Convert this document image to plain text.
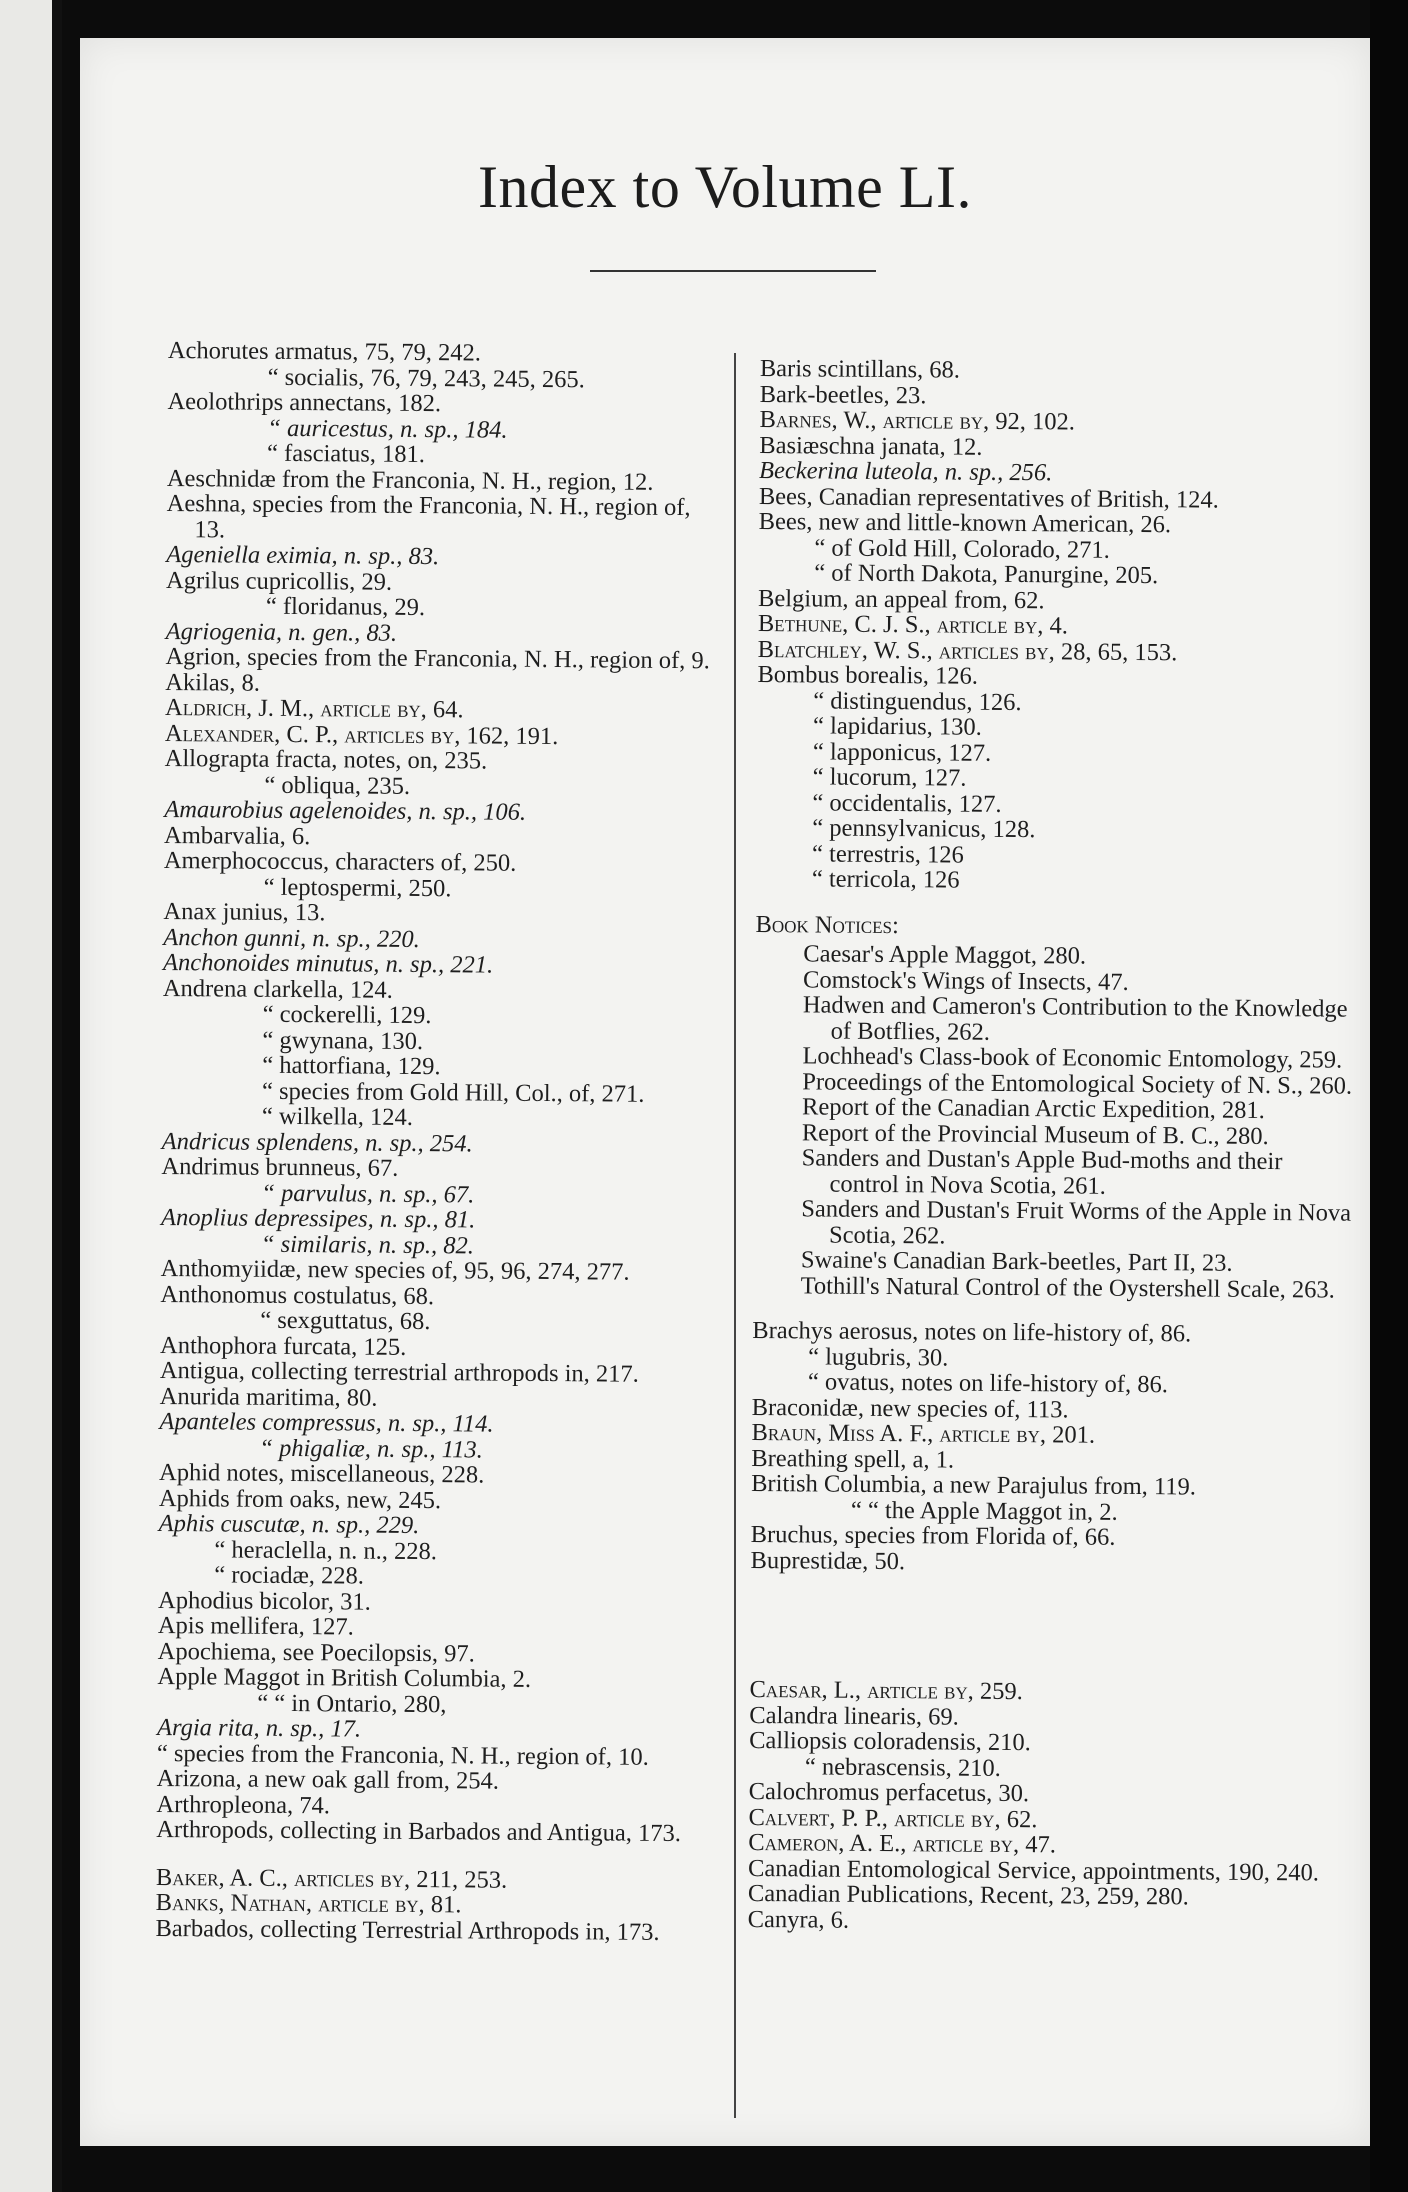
Index to Volume LI.

Achorutes armatus, 75, 79, 242.

“ socialis, 76, 79, 243, 245, 265.

Aeolothrips annectans, 182.

“ auricestus, n. sp., 184.

“ fasciatus, 181.

Aeschnidæ from the Franconia, N. H., region, 12.

Aeshna, species from the Franconia, N. H., region of, 13.

Ageniella eximia, n. sp., 83.

Agrilus cupricollis, 29.

“ floridanus, 29.

Agriogenia, n. gen., 83.

Agrion, species from the Franconia, N. H., region of, 9.

Akilas, 8.

Aldrich, J. M., article by, 64.

Alexander, C. P., articles by, 162, 191.

Allograpta fracta, notes, on, 235.

“ obliqua, 235.

Amaurobius agelenoides, n. sp., 106.

Ambarvalia, 6.

Amerphococcus, characters of, 250.

“ leptospermi, 250.

Anax junius, 13.

Anchon gunni, n. sp., 220.

Anchonoides minutus, n. sp., 221.

Andrena clarkella, 124.

“ cockerelli, 129.

“ gwynana, 130.

“ hattorfiana, 129.

“ species from Gold Hill, Col., of, 271.

“ wilkella, 124.

Andricus splendens, n. sp., 254.

Andrimus brunneus, 67.

“ parvulus, n. sp., 67.

Anoplius depressipes, n. sp., 81.

“ similaris, n. sp., 82.

Anthomyiidæ, new species of, 95, 96, 274, 277.

Anthonomus costulatus, 68.

“ sexguttatus, 68.

Anthophora furcata, 125.

Antigua, collecting terrestrial arthropods in, 217.

Anurida maritima, 80.

Apanteles compressus, n. sp., 114.

“ phigaliæ, n. sp., 113.

Aphid notes, miscellaneous, 228.

Aphids from oaks, new, 245.

Aphis cuscutæ, n. sp., 229.

“ heraclella, n. n., 228.

“ rociadæ, 228.

Aphodius bicolor, 31.

Apis mellifera, 127.

Apochiema, see Poecilopsis, 97.

Apple Maggot in British Columbia, 2.

“ “ in Ontario, 280,

Argia rita, n. sp., 17.

“ species from the Franconia, N. H., region of, 10.

Arizona, a new oak gall from, 254.

Arthropleona, 74.

Arthropods, collecting in Barbados and Antigua, 173.

Baker, A. C., articles by, 211, 253.

Banks, Nathan, article by, 81.

Barbados, collecting Terrestrial Arthropods in, 173.

Baris scintillans, 68.

Bark-beetles, 23.

Barnes, W., article by, 92, 102.

Basiæschna janata, 12.

Beckerina luteola, n. sp., 256.

Bees, Canadian representatives of British, 124.

Bees, new and little-known American, 26.

“ of Gold Hill, Colorado, 271.

“ of North Dakota, Panurgine, 205.

Belgium, an appeal from, 62.

Bethune, C. J. S., article by, 4.

Blatchley, W. S., articles by, 28, 65, 153.

Bombus borealis, 126.

“ distinguendus, 126.

“ lapidarius, 130.

“ lapponicus, 127.

“ lucorum, 127.

“ occidentalis, 127.

“ pennsylvanicus, 128.

“ terrestris, 126

“ terricola, 126

Book Notices:

Caesar's Apple Maggot, 280.

Comstock's Wings of Insects, 47.

Hadwen and Cameron's Contribution to the Knowledge of Botflies, 262.

Lochhead's Class-book of Economic Entomology, 259.

Proceedings of the Entomological Society of N. S., 260.

Report of the Canadian Arctic Expedition, 281.

Report of the Provincial Museum of B. C., 280.

Sanders and Dustan's Apple Bud-moths and their control in Nova Scotia, 261.

Sanders and Dustan's Fruit Worms of the Apple in Nova Scotia, 262.

Swaine's Canadian Bark-beetles, Part II, 23.

Tothill's Natural Control of the Oystershell Scale, 263.

Brachys aerosus, notes on life-history of, 86.

“ lugubris, 30.

“ ovatus, notes on life-history of, 86.

Braconidæ, new species of, 113.

Braun, Miss A. F., article by, 201.

Breathing spell, a, 1.

British Columbia, a new Parajulus from, 119.

“ “ the Apple Maggot in, 2.

Bruchus, species from Florida of, 66.

Buprestidæ, 50.

Caesar, L., article by, 259.

Calandra linearis, 69.

Calliopsis coloradensis, 210.

“ nebrascensis, 210.

Calochromus perfacetus, 30.

Calvert, P. P., article by, 62.

Cameron, A. E., article by, 47.

Canadian Entomological Service, appointments, 190, 240.

Canadian Publications, Recent, 23, 259, 280.

Canyra, 6.
